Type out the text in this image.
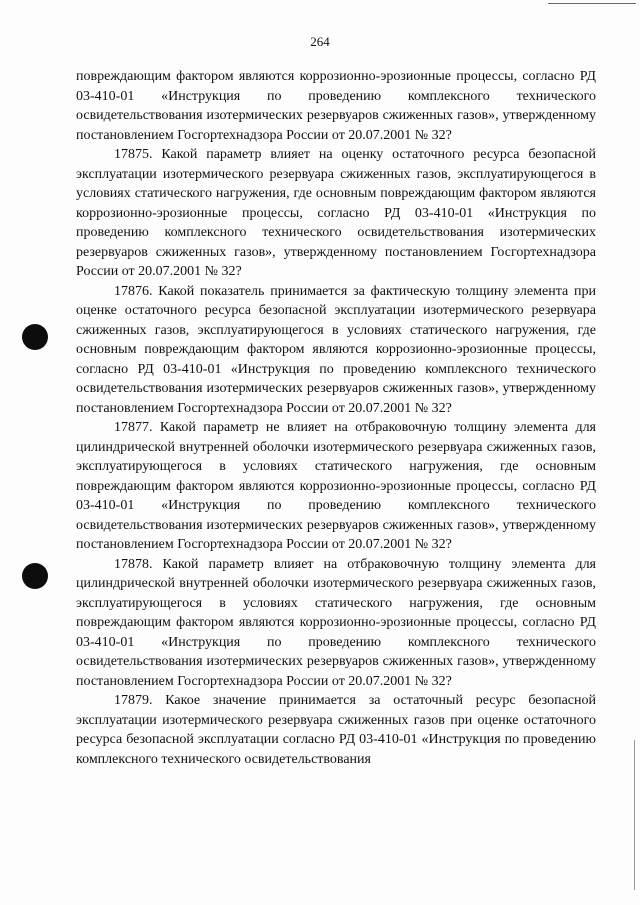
264

повреждающим фактором являются коррозионно-эрозионные процессы, согласно РД 03-410-01 «Инструкция по проведению комплексного технического освидетельствования изотермических резервуаров сжиженных газов», утвержденному постановлением Госгортехнадзора России от 20.07.2001 № 32?

17875. Какой параметр влияет на оценку остаточного ресурса безопасной эксплуатации изотермического резервуара сжиженных газов, эксплуатирующегося в условиях статического нагружения, где основным повреждающим фактором являются коррозионно-эрозионные процессы, согласно РД 03-410-01 «Инструкция по проведению комплексного технического освидетельствования изотермических резервуаров сжиженных газов», утвержденному постановлением Госгортехнадзора России от 20.07.2001 № 32?

17876. Какой показатель принимается за фактическую толщину элемента при оценке остаточного ресурса безопасной эксплуатации изотермического резервуара сжиженных газов, эксплуатирующегося в условиях статического нагружения, где основным повреждающим фактором являются коррозионно-эрозионные процессы, согласно РД 03-410-01 «Инструкция по проведению комплексного технического освидетельствования изотермических резервуаров сжиженных газов», утвержденному постановлением Госгортехнадзора России от 20.07.2001 № 32?

17877. Какой параметр не влияет на отбраковочную толщину элемента для цилиндрической внутренней оболочки изотермического резервуара сжиженных газов, эксплуатирующегося в условиях статического нагружения, где основным повреждающим фактором являются коррозионно-эрозионные процессы, согласно РД 03-410-01 «Инструкция по проведению комплексного технического освидетельствования изотермических резервуаров сжиженных газов», утвержденному постановлением Госгортехнадзора России от 20.07.2001 № 32?

17878. Какой параметр влияет на отбраковочную толщину элемента для цилиндрической внутренней оболочки изотермического резервуара сжиженных газов, эксплуатирующегося в условиях статического нагружения, где основным повреждающим фактором являются коррозионно-эрозионные процессы, согласно РД 03-410-01 «Инструкция по проведению комплексного технического освидетельствования изотермических резервуаров сжиженных газов», утвержденному постановлением Госгортехнадзора России от 20.07.2001 № 32?

17879. Какое значение принимается за остаточный ресурс безопасной эксплуатации изотермического резервуара сжиженных газов при оценке остаточного ресурса безопасной эксплуатации согласно РД 03-410-01 «Инструкция по проведению комплексного технического освидетельствования
